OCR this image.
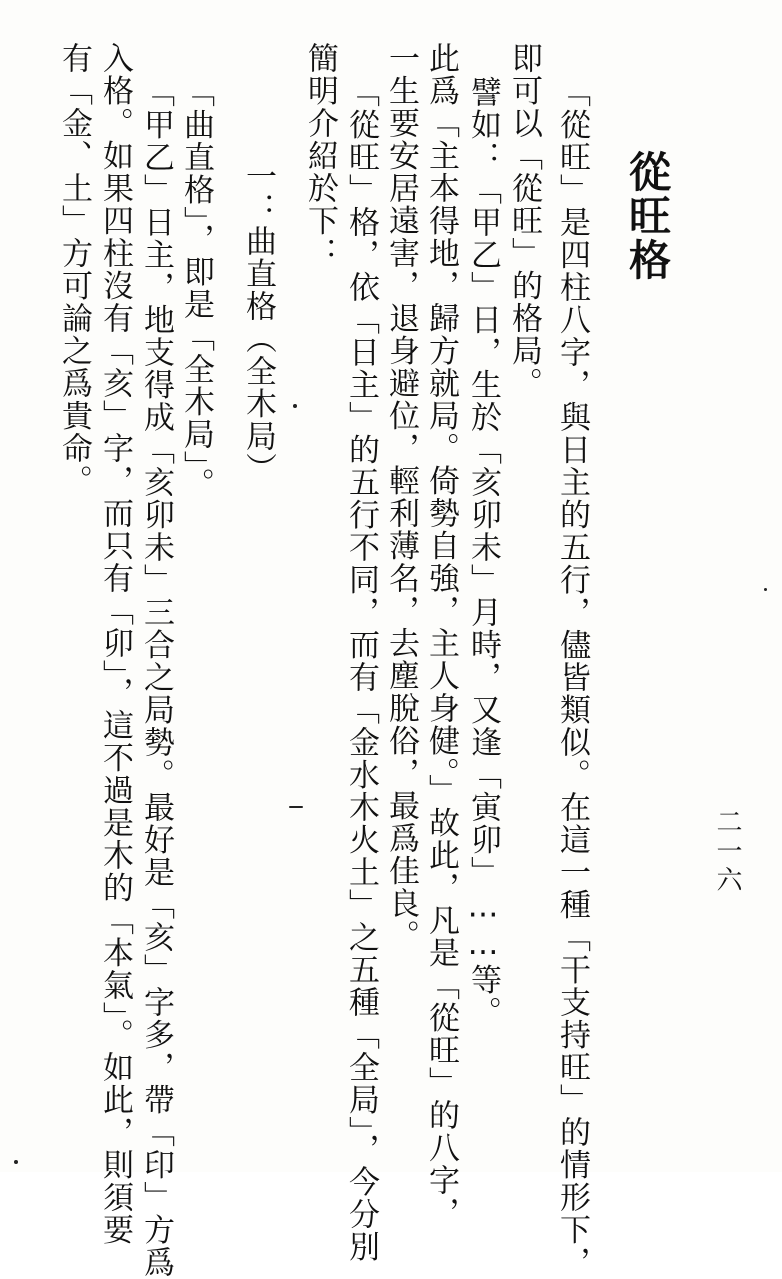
從旺格
「從旺」是四柱八字，與日主的五行，儘皆類似。在這一種「干支持旺」的情形下，
即可以「從旺」的格局。
譬如：「甲乙」日，生於「亥卯未」月時，又逢「寅卯」……等。
此爲「主本得地，歸方就局。倚勢自強，主人身健。」故此，凡是「從旺」的八字，
一生要安居遠害，退身避位，輕利薄名，去塵脫俗，最爲佳良。
「從旺」格，依「日主」的五行不同，而有「金水木火土」之五種「全局」，今分別
簡明介紹於下：
一：曲直格（全木局）
「曲直格」，即是「全木局」。
「甲乙」日主，地支得成「亥卯未」三合之局勢。最好是「亥」字多，帶「印」方爲
入格。如果四柱沒有「亥」字，而只有「卯」，這不過是木的「本氣」。如此，則須要
有「金、土」方可論之爲貴命。
二一六
